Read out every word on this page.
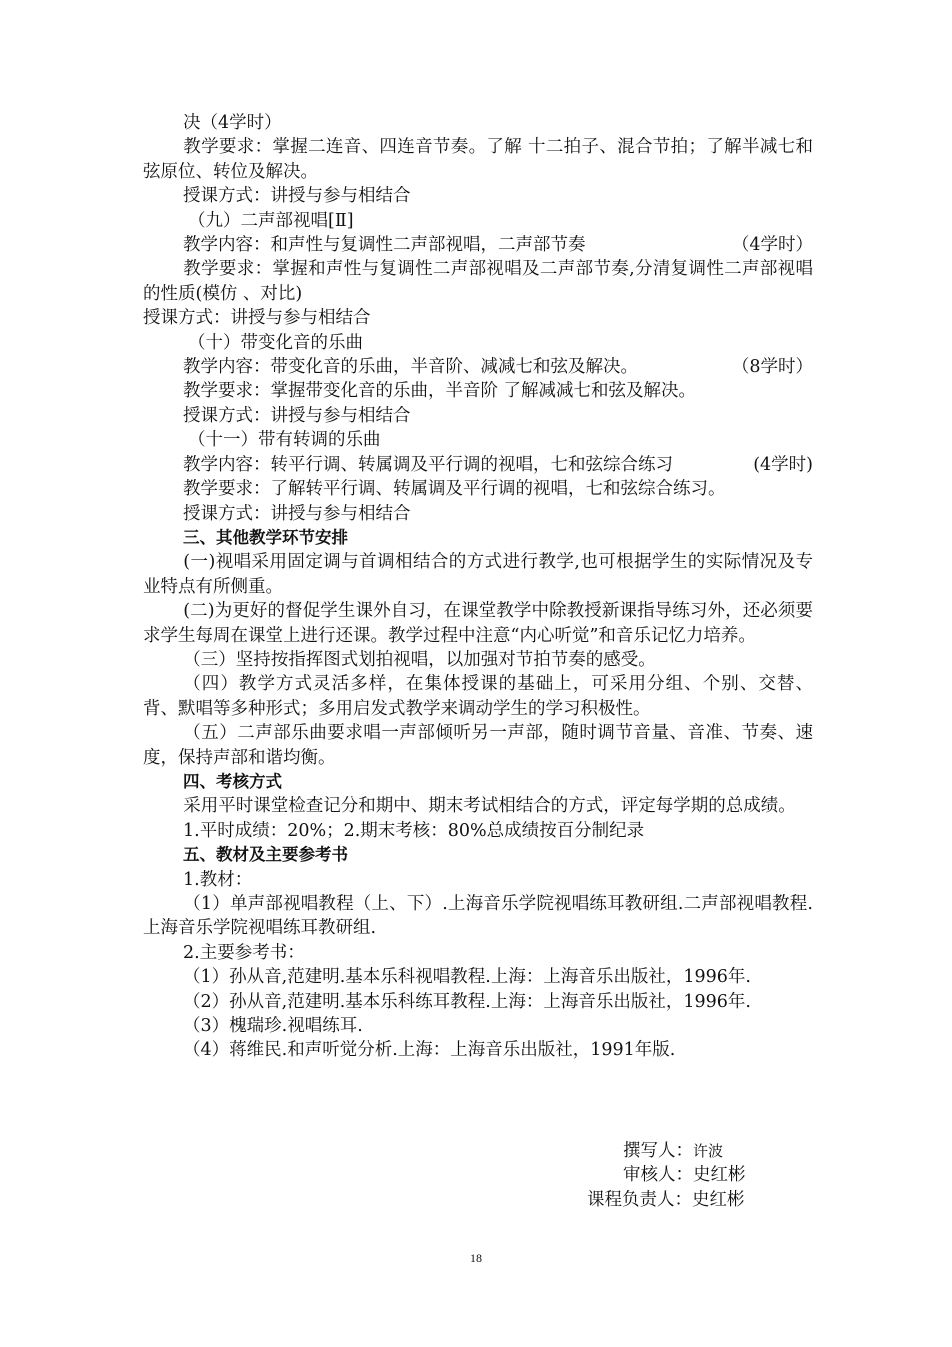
决（4学时）
教学要求：掌握二连音、四连音节奏。了解 十二拍子、混合节拍；了解半减七和弦原位、转位及解决。
授课方式：讲授与参与相结合
（九）二声部视唱[Ⅱ]
教学内容：和声性与复调性二声部视唱，二声部节奏	（4学时）
教学要求：掌握和声性与复调性二声部视唱及二声部节奏,分清复调性二声部视唱的性质(模仿 、对比)
授课方式：讲授与参与相结合
（十）带变化音的乐曲
教学内容：带变化音的乐曲，半音阶、减减七和弦及解决。	（8学时）
教学要求：掌握带变化音的乐曲，半音阶 了解减减七和弦及解决。
授课方式：讲授与参与相结合
（十一）带有转调的乐曲
教学内容：转平行调、转属调及平行调的视唱，七和弦综合练习	(4学时)
教学要求：了解转平行调、转属调及平行调的视唱，七和弦综合练习。
授课方式：讲授与参与相结合
三、其他教学环节安排
(一)视唱采用固定调与首调相结合的方式进行教学,也可根据学生的实际情况及专业特点有所侧重。
(二)为更好的督促学生课外自习，在课堂教学中除教授新课指导练习外，还必须要求学生每周在课堂上进行还课。教学过程中注意“内心听觉”和音乐记忆力培养。
（三）坚持按指挥图式划拍视唱，以加强对节拍节奏的感受。
（四）教学方式灵活多样，在集体授课的基础上，可采用分组、个别、交替、背、默唱等多种形式；多用启发式教学来调动学生的学习积极性。
（五）二声部乐曲要求唱一声部倾听另一声部，随时调节音量、音准、节奏、速度，保持声部和谐均衡。
四、考核方式
采用平时课堂检查记分和期中、期末考试相结合的方式，评定每学期的总成绩。
1.平时成绩：20%；2.期末考核：80%总成绩按百分制纪录
五、教材及主要参考书
1.教材：
（1）单声部视唱教程（上、下）.上海音乐学院视唱练耳教研组.二声部视唱教程.上海音乐学院视唱练耳教研组.
2.主要参考书：
（1）孙从音,范建明.基本乐科视唱教程.上海：上海音乐出版社，1996年.
（2）孙从音,范建明.基本乐科练耳教程.上海：上海音乐出版社，1996年.
（3）槐瑞珍.视唱练耳.
（4）蒋维民.和声听觉分析.上海：上海音乐出版社，1991年版.
撰写人：许波
审核人：史红彬
课程负责人：史红彬
18
